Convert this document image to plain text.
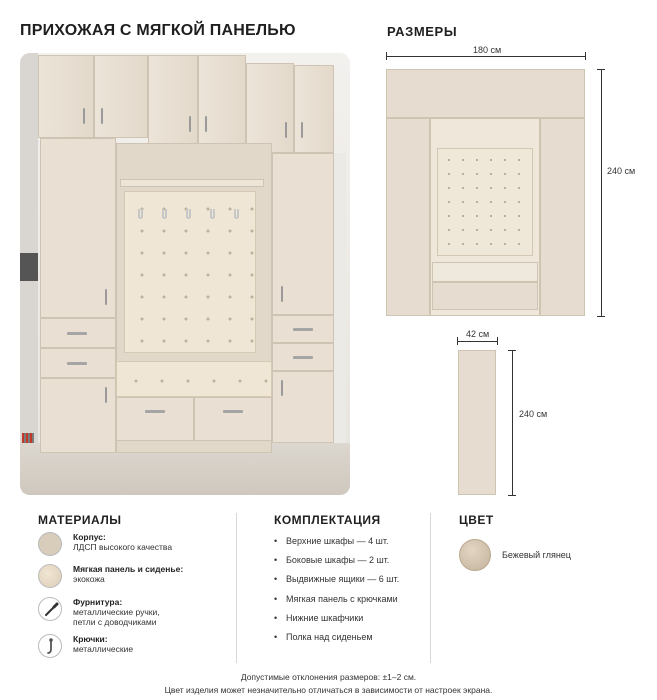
ПРИХОЖАЯ С МЯГКОЙ ПАНЕЛЬЮ	РАЗМЕРЫ
180 см
240 см
42 см
240 см
МАТЕРИАЛЫ
Корпус:
ЛДСП высокого качества
Мягкая панель и сиденье:
экокожа
Фурнитура:
металлические ручки,
петли с доводчиками
Крючки:
металлические
КОМПЛЕКТАЦИЯ
• Верхние шкафы — 4 шт.
• Боковые шкафы — 2 шт.
• Выдвижные ящики — 6 шт.
• Мягкая панель с крючками
• Нижние шкафчики
• Полка над сиденьем
ЦВЕТ
Бежевый глянец
Допустимые отклонения размеров: ±1–2 см.
Цвет изделия может незначительно отличаться в зависимости от настроек экрана.
